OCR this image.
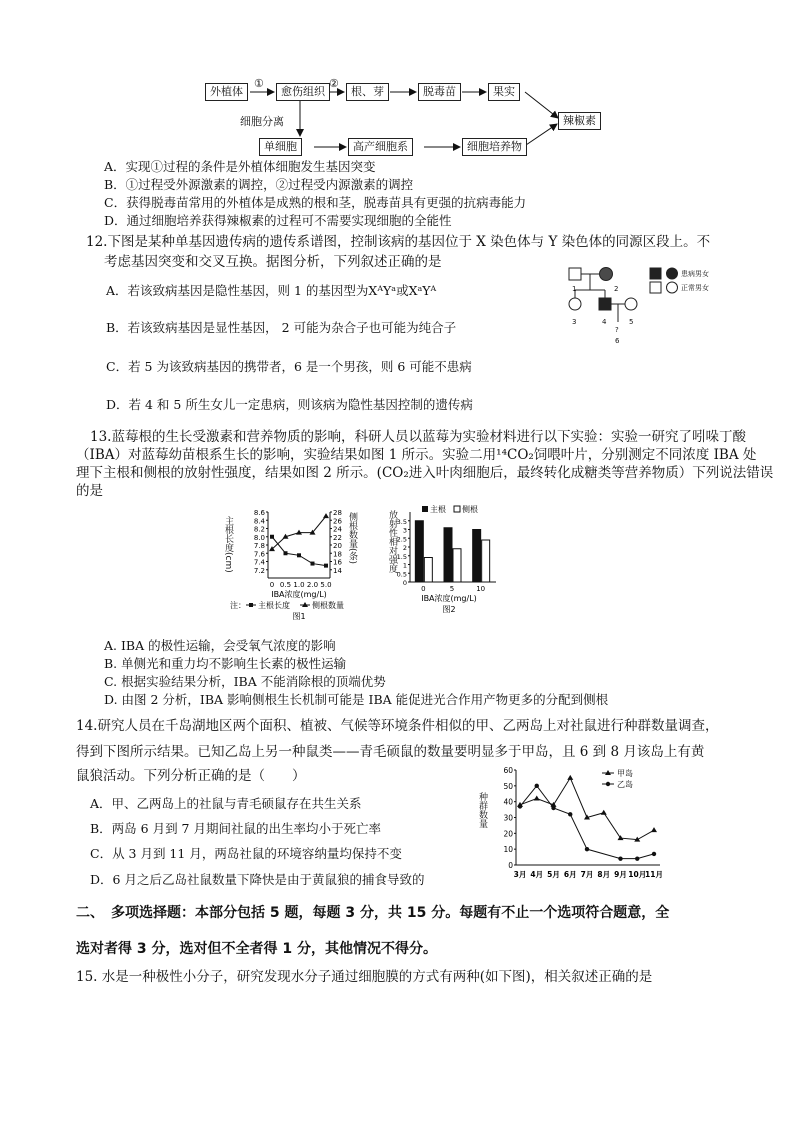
外植体	愈伤组织	根、芽	脱毒苗	果实
辣椒素
单细胞	高产细胞系	细胞培养物
①	②
细胞分离
A．实现①过程的条件是外植体细胞发生基因突变
B．①过程受外源激素的调控，②过程受内源激素的调控
C．获得脱毒苗常用的外植体是成熟的根和茎，脱毒苗具有更强的抗病毒能力
D．通过细胞培养获得辣椒素的过程可不需要实现细胞的全能性
12.下图是某种单基因遗传病的遗传系谱图，控制该病的基因位于 X 染色体与 Y 染色体的同源区段上。不
考虑基因突变和交叉互换。据图分析，下列叙述正确的是
A．若该致病基因是隐性基因，则 1 的基因型为XᴬYᵃ或XᵃYᴬ
B．若该致病基因是显性基因， 2 可能为杂合子也可能为纯合子
C．若 5 为该致病基因的携带者，6 是一个男孩，则 6 可能不患病
D．若 4 和 5 所生女儿一定患病，则该病为隐性基因控制的遗传病
患病男女
正常男女
1	2
3	4	5
?
6
13.蓝莓根的生长受激素和营养物质的影响，科研人员以蓝莓为实验材料进行以下实验：实验一研究了吲哚丁酸
（IBA）对蓝莓幼苗根系生长的影响，实验结果如图 1 所示。实验二用¹⁴CO₂饲喂叶片，分别测定不同浓度 IBA 处
理下主根和侧根的放射性强度，结果如图 2 所示。(CO₂进入叶肉细胞后，最终转化成糖类等营养物质）下列说法错误
的是
主根长度(cm)	侧根数量(条)
7.2
7.4
7.6
7.8
8.0
8.2
8.4
8.6
14
16
18
20
22
24
26
28
0 0.5 1.0 2.0 5.0
IBA浓度(mg/L)
注： 主根长度	侧根数量
图1
放射性相对强度
0
0.5
1
1.5
2
2.5
3
3.5
0	5	10
IBA浓度(mg/L)
图2
主根 侧根
A. IBA 的极性运输，会受氧气浓度的影响
B. 单侧光和重力均不影响生长素的极性运输
C. 根据实验结果分析，IBA 不能消除根的顶端优势
D. 由图 2 分析，IBA 影响侧根生长机制可能是 IBA 能促进光合作用产物更多的分配到侧根
14.研究人员在千岛湖地区两个面积、植被、气候等环境条件相似的甲、乙两岛上对社鼠进行种群数量调查，
得到下图所示结果。已知乙岛上另一种鼠类——青毛硕鼠的数量要明显多于甲岛，且 6 到 8 月该岛上有黄
鼠狼活动。下列分析正确的是（　　）
A．甲、乙两岛上的社鼠与青毛硕鼠存在共生关系
B．两岛 6 月到 7 月期间社鼠的出生率均小于死亡率
C．从 3 月到 11 月，两岛社鼠的环境容纳量均保持不变
D．6 月之后乙岛社鼠数量下降快是由于黄鼠狼的捕食导致的
种群数量
0
10
20
30
40
50
60
3月 4月 5月 6月 7月 8月 9月 10月
11月
甲岛
乙岛
二、　多项选择题：本部分包括 5 题，每题 3 分，共 15 分。每题有不止一个选项符合题意，全
选对者得 3 分，选对但不全者得 1 分，其他情况不得分。
15. 水是一种极性小分子，研究发现水分子通过细胞膜的方式有两种(如下图)，相关叙述正确的是
